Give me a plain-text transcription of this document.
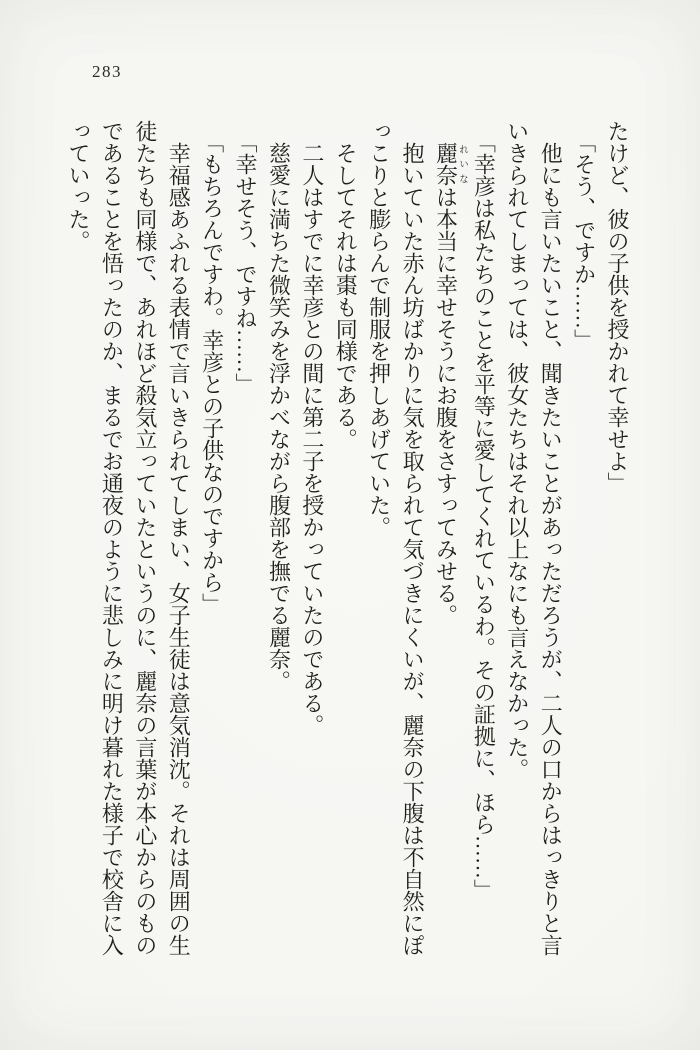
283
たけど、彼の子供を授かれて幸せよ」
　「そう、ですか……」
　他にも言いたいこと、聞きたいことがあっただろうが、二人の口からはっきりと言
いきられてしまっては、彼女たちはそれ以上なにも言えなかった。
　「幸彦は私たちのことを平等に愛してくれているわ。その証拠に、ほら……」
　麗奈れいなは本当に幸せそうにお腹をさすってみせる。
　抱いていた赤ん坊ばかりに気を取られて気づきにくいが、麗奈の下腹は不自然にぽ
っこりと膨らんで制服を押しあげていた。
　そしてそれは棗も同様である。
　二人はすでに幸彦との間に第二子を授かっていたのである。
　慈愛に満ちた微笑みを浮かべながら腹部を撫でる麗奈。
　「幸せそう、ですね……」
　「もちろんですわ。幸彦との子供なのですから」
　幸福感あふれる表情で言いきられてしまい、女子生徒は意気消沈。それは周囲の生
徒たちも同様で、あれほど殺気立っていたというのに、麗奈の言葉が本心からのもの
であることを悟ったのか、まるでお通夜のように悲しみに明け暮れた様子で校舎に入
っていった。
